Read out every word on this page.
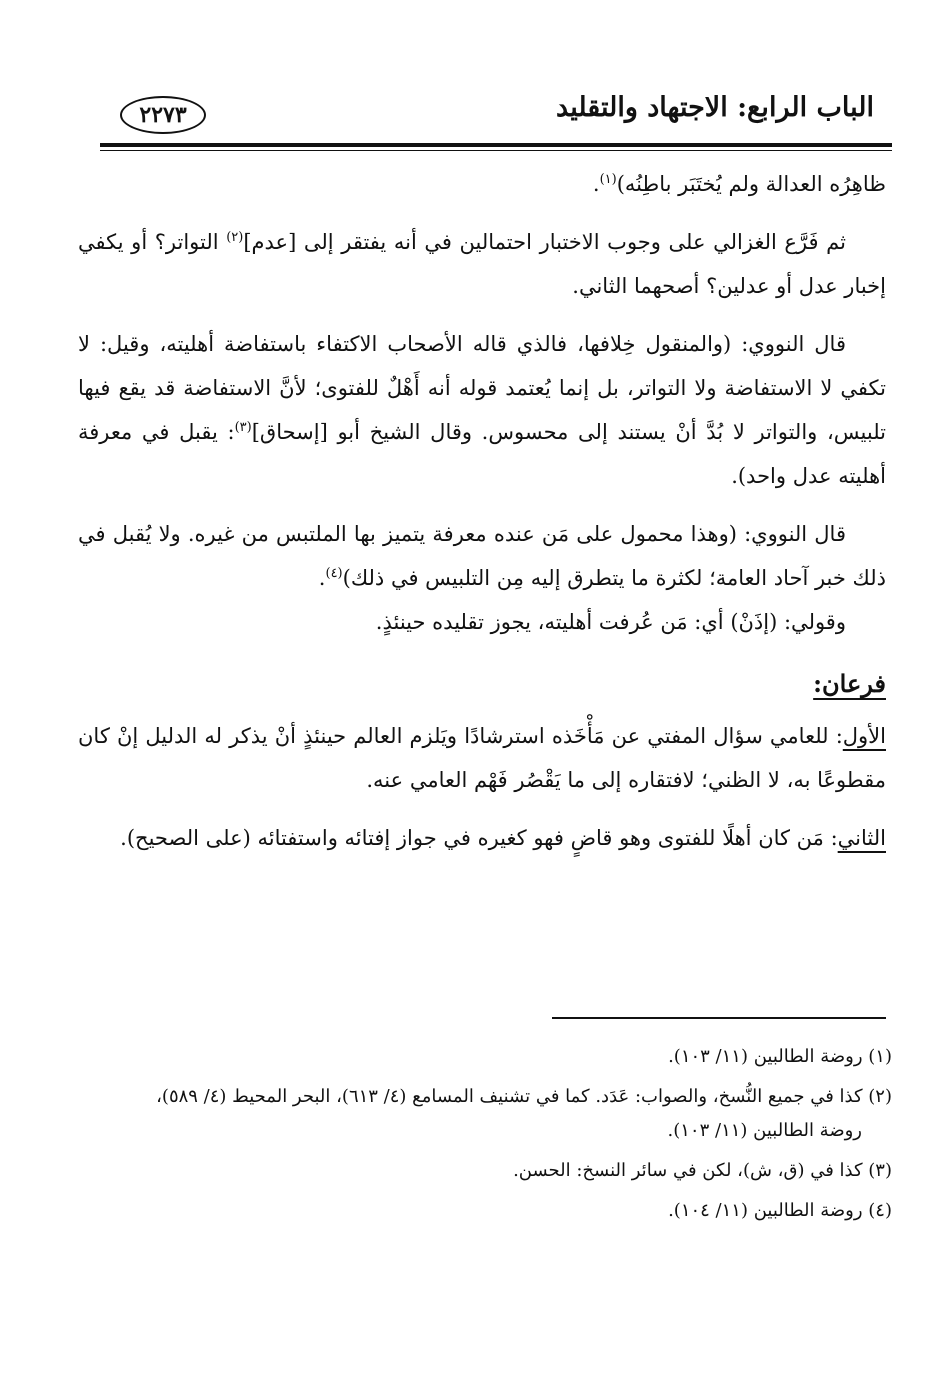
الباب الرابع: الاجتهاد والتقليد
٢٢٧٣

ظاهِرُه العدالة ولم يُختَبَر باطِنُه)$^{(١)}$.

ثم فَرَّع الغزالي على وجوب الاختبار احتمالين في أنه يفتقر إلى [عدم]$^{(٢)}$ التواتر؟ أو يكفي إخبار عدل أو عدلين؟ أصحهما الثاني.

قال النووي: (والمنقول خِلافها، فالذي قاله الأصحاب الاكتفاء باستفاضة أهليته، وقيل: لا تكفي لا الاستفاضة ولا التواتر، بل إنما يُعتمد قوله أنه أَهْلٌ للفتوى؛ لأنَّ الاستفاضة قد يقع فيها تلبيس، والتواتر لا بُدَّ أنْ يستند إلى محسوس. وقال الشيخ أبو [إسحاق]$^{(٣)}$: يقبل في معرفة أهليته عدل واحد).

قال النووي: (وهذا محمول على مَن عنده معرفة يتميز بها الملتبس من غيره. ولا يُقبل في ذلك خبر آحاد العامة؛ لكثرة ما يتطرق إليه مِن التلبيس في ذلك)$^{(٤)}$.

وقولي: (إذَنْ) أي: مَن عُرفت أهليته، يجوز تقليده حينئذٍ.

فرعان:

الأول: للعامي سؤال المفتي عن مَأْخَذه استرشادًا ويَلزم العالم حينئذٍ أنْ يذكر له الدليل إنْ كان مقطوعًا به، لا الظني؛ لافتقاره إلى ما يَقْصُر فَهْم العامي عنه.

الثاني: مَن كان أهلًا للفتوى وهو قاضٍ فهو كغيره في جواز إفتائه واستفتائه (على الصحيح).

(١) روضة الطالبين (١١/ ١٠٣).

(٢) كذا في جميع النُّسخ، والصواب: عَدَد. كما في تشنيف المسامع (٤/ ٦١٣)، البحر المحيط (٤/ ٥٨٩)،
روضة الطالبين (١١/ ١٠٣).

(٣) كذا في (ق، ش)، لكن في سائر النسخ: الحسن.

(٤) روضة الطالبين (١١/ ١٠٤).
